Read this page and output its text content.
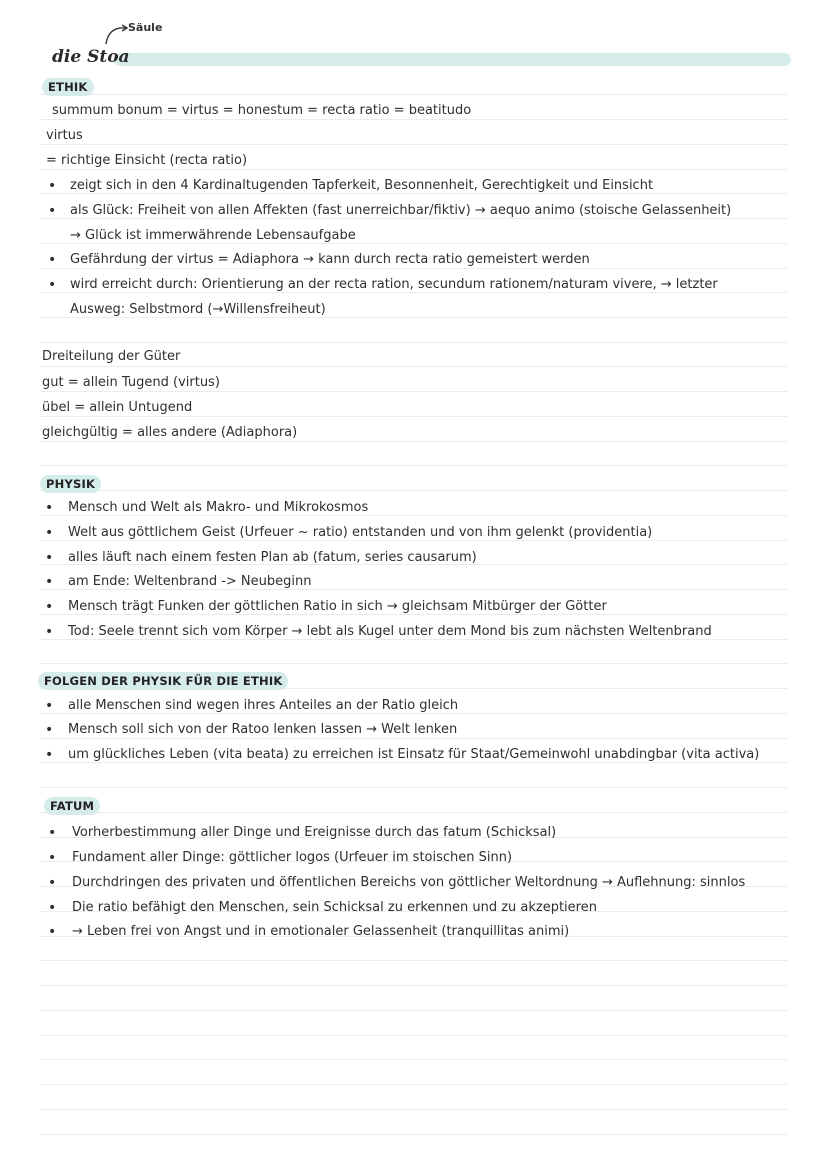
Säule
die Stoa
ETHIK
summum bonum = virtus = honestum = recta ratio = beatitudo
virtus
= richtige Einsicht (recta ratio)
• zeigt sich in den 4 Kardinaltugenden Tapferkeit, Besonnenheit, Gerechtigkeit und Einsicht
• als Glück: Freiheit von allen Affekten (fast unerreichbar/fiktiv) → aequo animo (stoische Gelassenheit)
→ Glück ist immerwährende Lebensaufgabe
• Gefährdung der virtus = Adiaphora → kann durch recta ratio gemeistert werden
• wird erreicht durch: Orientierung an der recta ration, secundum rationem/naturam vivere, → letzter
Ausweg: Selbstmord (→Willensfreiheut)
Dreiteilung der Güter
gut = allein Tugend (virtus)
übel = allein Untugend
gleichgültig = alles andere (Adiaphora)
PHYSIK
• Mensch und Welt als Makro- und Mikrokosmos
• Welt aus göttlichem Geist (Urfeuer ~ ratio) entstanden und von ihm gelenkt (providentia)
• alles läuft nach einem festen Plan ab (fatum, series causarum)
• am Ende: Weltenbrand -> Neubeginn
• Mensch trägt Funken der göttlichen Ratio in sich → gleichsam Mitbürger der Götter
• Tod: Seele trennt sich vom Körper → lebt als Kugel unter dem Mond bis zum nächsten Weltenbrand
FOLGEN DER PHYSIK FÜR DIE ETHIK
• alle Menschen sind wegen ihres Anteiles an der Ratio gleich
• Mensch soll sich von der Ratoo lenken lassen → Welt lenken
• um glückliches Leben (vita beata) zu erreichen ist Einsatz für Staat/Gemeinwohl unabdingbar (vita activa)
FATUM
• Vorherbestimmung aller Dinge und Ereignisse durch das fatum (Schicksal)
• Fundament aller Dinge: göttlicher logos (Urfeuer im stoischen Sinn)
• Durchdringen des privaten und öffentlichen Bereichs von göttlicher Weltordnung → Auflehnung: sinnlos
• Die ratio befähigt den Menschen, sein Schicksal zu erkennen und zu akzeptieren
• → Leben frei von Angst und in emotionaler Gelassenheit (tranquillitas animi)
